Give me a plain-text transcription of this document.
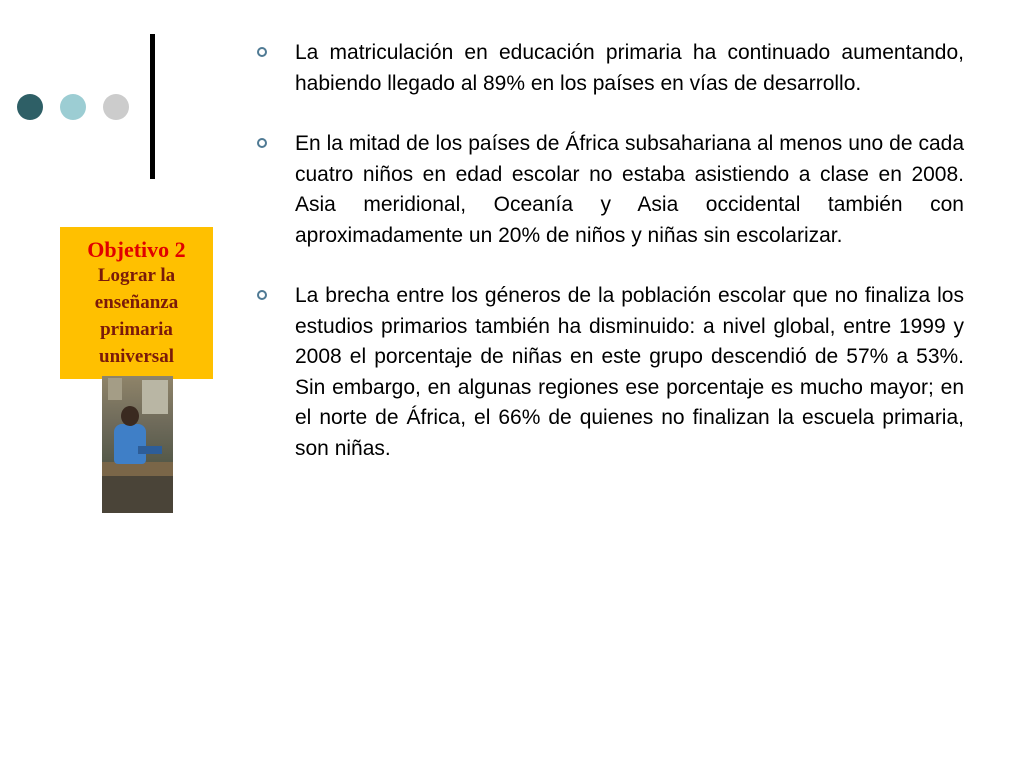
Objetivo 2
Lograr la
enseñanza
primaria
universal

La matriculación en educación primaria ha continuado aumentando, habiendo llegado al 89% en los países en vías de desarrollo.

En la mitad de los países de África subsahariana al menos uno de cada cuatro niños en edad escolar no estaba asistiendo a clase en 2008. Asia meridional, Oceanía y Asia occidental también con aproximadamente un 20% de niños y niñas sin escolarizar.

La brecha entre los géneros de la población escolar que no finaliza los estudios primarios también ha disminuido: a nivel global, entre 1999 y 2008 el porcentaje de niñas en este grupo descendió de 57% a 53%. Sin embargo, en algunas regiones ese porcentaje es mucho mayor; en el norte de África, el 66% de quienes no finalizan la escuela primaria, son niñas.
